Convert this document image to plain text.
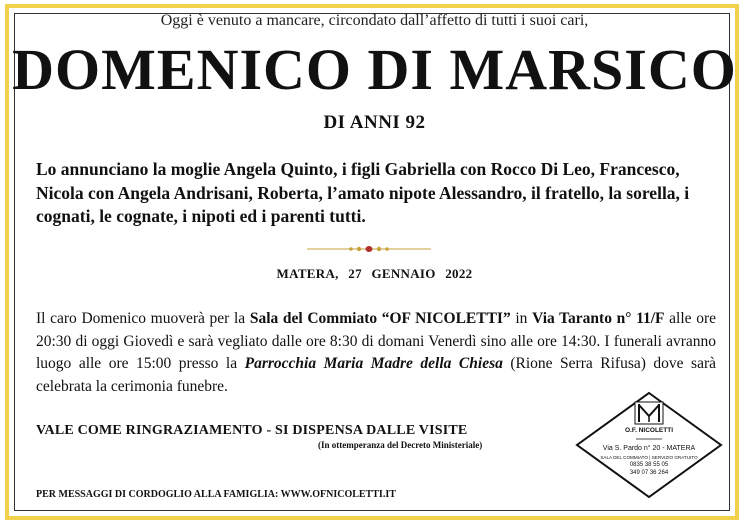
Oggi è venuto a mancare, circondato dall’affetto di tutti i suoi cari,
DOMENICO DI MARSICO
DI ANNI 92
Lo annunciano la moglie Angela Quinto, i figli Gabriella con Rocco Di Leo, Francesco, Nicola con Angela Andrisani, Roberta, l’amato nipote Alessandro, il fratello, la sorella, i cognati, le cognate, i nipoti ed i parenti tutti.
MATERA, 27 GENNAIO 2022
Il caro Domenico muoverà per la Sala del Commiato “OF NICOLETTI” in Via Taranto n° 11/F alle ore 20:30 di oggi Giovedì e sarà vegliato dalle ore 8:30 di domani Venerdì sino alle ore 14:30. I funerali avranno luogo alle ore 15:00 presso la Parrocchia Maria Madre della Chiesa (Rione Serra Rifusa) dove sarà celebrata la cerimonia funebre.
VALE COME RINGRAZIAMENTO - SI DISPENSA DALLE VISITE
(In ottemperanza del Decreto Ministeriale)
PER MESSAGGI DI CORDOGLIO ALLA FAMIGLIA: WWW.OFNICOLETTI.IT
O.F. NICOLETTI
Via S. Pardo n° 20 - MATERA
SALA DEL COMMIATO | SERVIZIO GRATUITO
0835 38 55 05
349 07 36 264
